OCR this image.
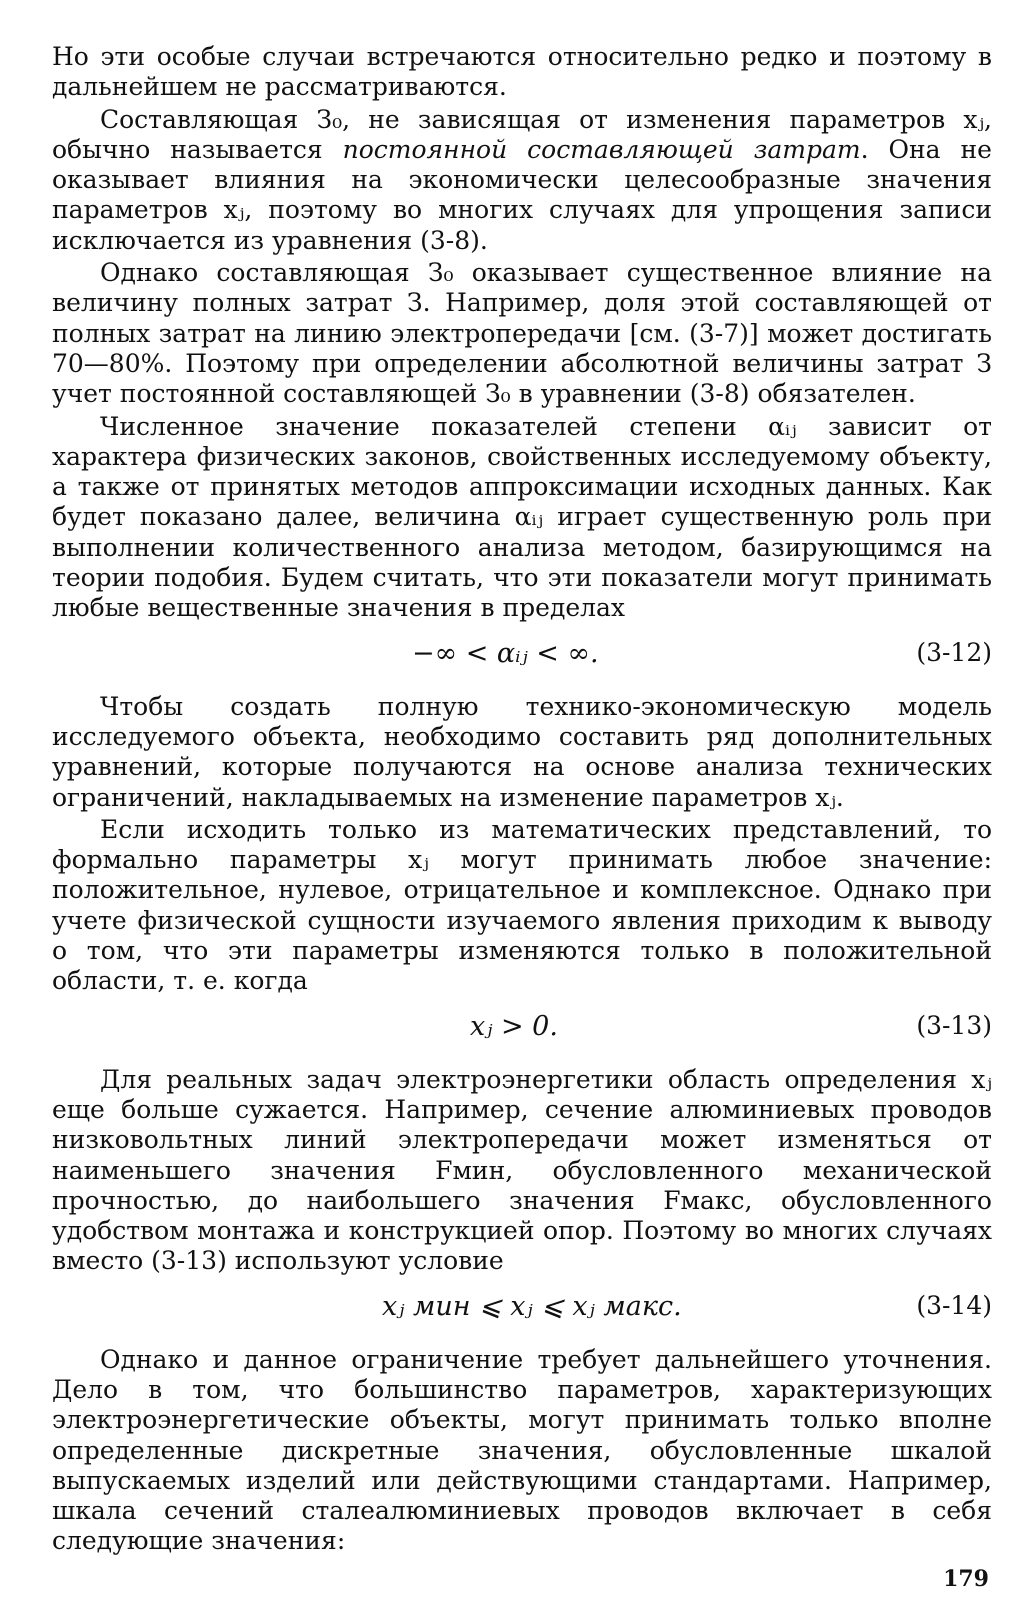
Но эти особые случаи встречаются относительно редко и поэтому в дальнейшем не рассматриваются.

Составляющая З₀, не зависящая от изменения параметров xⱼ, обычно называется постоянной составляющей затрат. Она не оказывает влияния на экономически целесообразные значения параметров xⱼ, поэтому во многих случаях для упрощения записи исключается из уравнения (3-8).

Однако составляющая З₀ оказывает существенное влияние на величину полных затрат З. Например, доля этой составляющей от полных затрат на линию электропередачи [см. (3-7)] может достигать 70—80%. Поэтому при определении абсолютной величины затрат З учет постоянной составляющей З₀ в уравнении (3-8) обязателен.

Численное значение показателей степени αᵢⱼ зависит от характера физических законов, свойственных исследуемому объекту, а также от принятых методов аппроксимации исходных данных. Как будет показано далее, величина αᵢⱼ играет существенную роль при выполнении количественного анализа методом, базирующимся на теории подобия. Будем считать, что эти показатели могут принимать любые вещественные значения в пределах

−∞ < αᵢⱼ < ∞.	(3-12)

Чтобы создать полную технико-экономическую модель исследуемого объекта, необходимо составить ряд дополнительных уравнений, которые получаются на основе анализа технических ограничений, накладываемых на изменение параметров xⱼ.

Если исходить только из математических представлений, то формально параметры xⱼ могут принимать любое значение: положительное, нулевое, отрицательное и комплексное. Однако при учете физической сущности изучаемого явления приходим к выводу о том, что эти параметры изменяются только в положительной области, т. е. когда

xⱼ > 0.	(3-13)

Для реальных задач электроэнергетики область определения xⱼ еще больше сужается. Например, сечение алюминиевых проводов низковольтных линий электропередачи может изменяться от наименьшего значения Fмин, обусловленного механической прочностью, до наибольшего значения Fмакс, обусловленного удобством монтажа и конструкцией опор. Поэтому во многих случаях вместо (3-13) используют условие

xⱼ мин ⩽ xⱼ ⩽ xⱼ макс.	(3-14)

Однако и данное ограничение требует дальнейшего уточнения. Дело в том, что большинство параметров, характеризующих электроэнергетические объекты, могут принимать только вполне определенные дискретные значения, обусловленные шкалой выпускаемых изделий или действующими стандартами. Например, шкала сечений сталеалюминиевых проводов включает в себя следующие значения:

179
